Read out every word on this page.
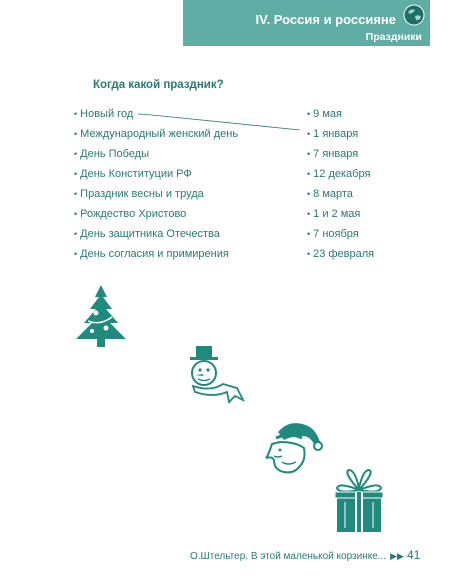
IV. Россия и россияне
Праздники
Когда какой праздник?
• Новый год
• Международный женский день
• День Победы
• День Конституции РФ
• Праздник весны и труда
• Рождество Христово
• День защитника Отечества
• День согласия и примирения
• 9 мая
• 1 января
• 7 января
• 12 декабря
• 8 марта
• 1 и 2 мая
• 7 ноября
• 23 февраля
О.Штельтер. В этой маленькой корзинке... ▶▶ 41
